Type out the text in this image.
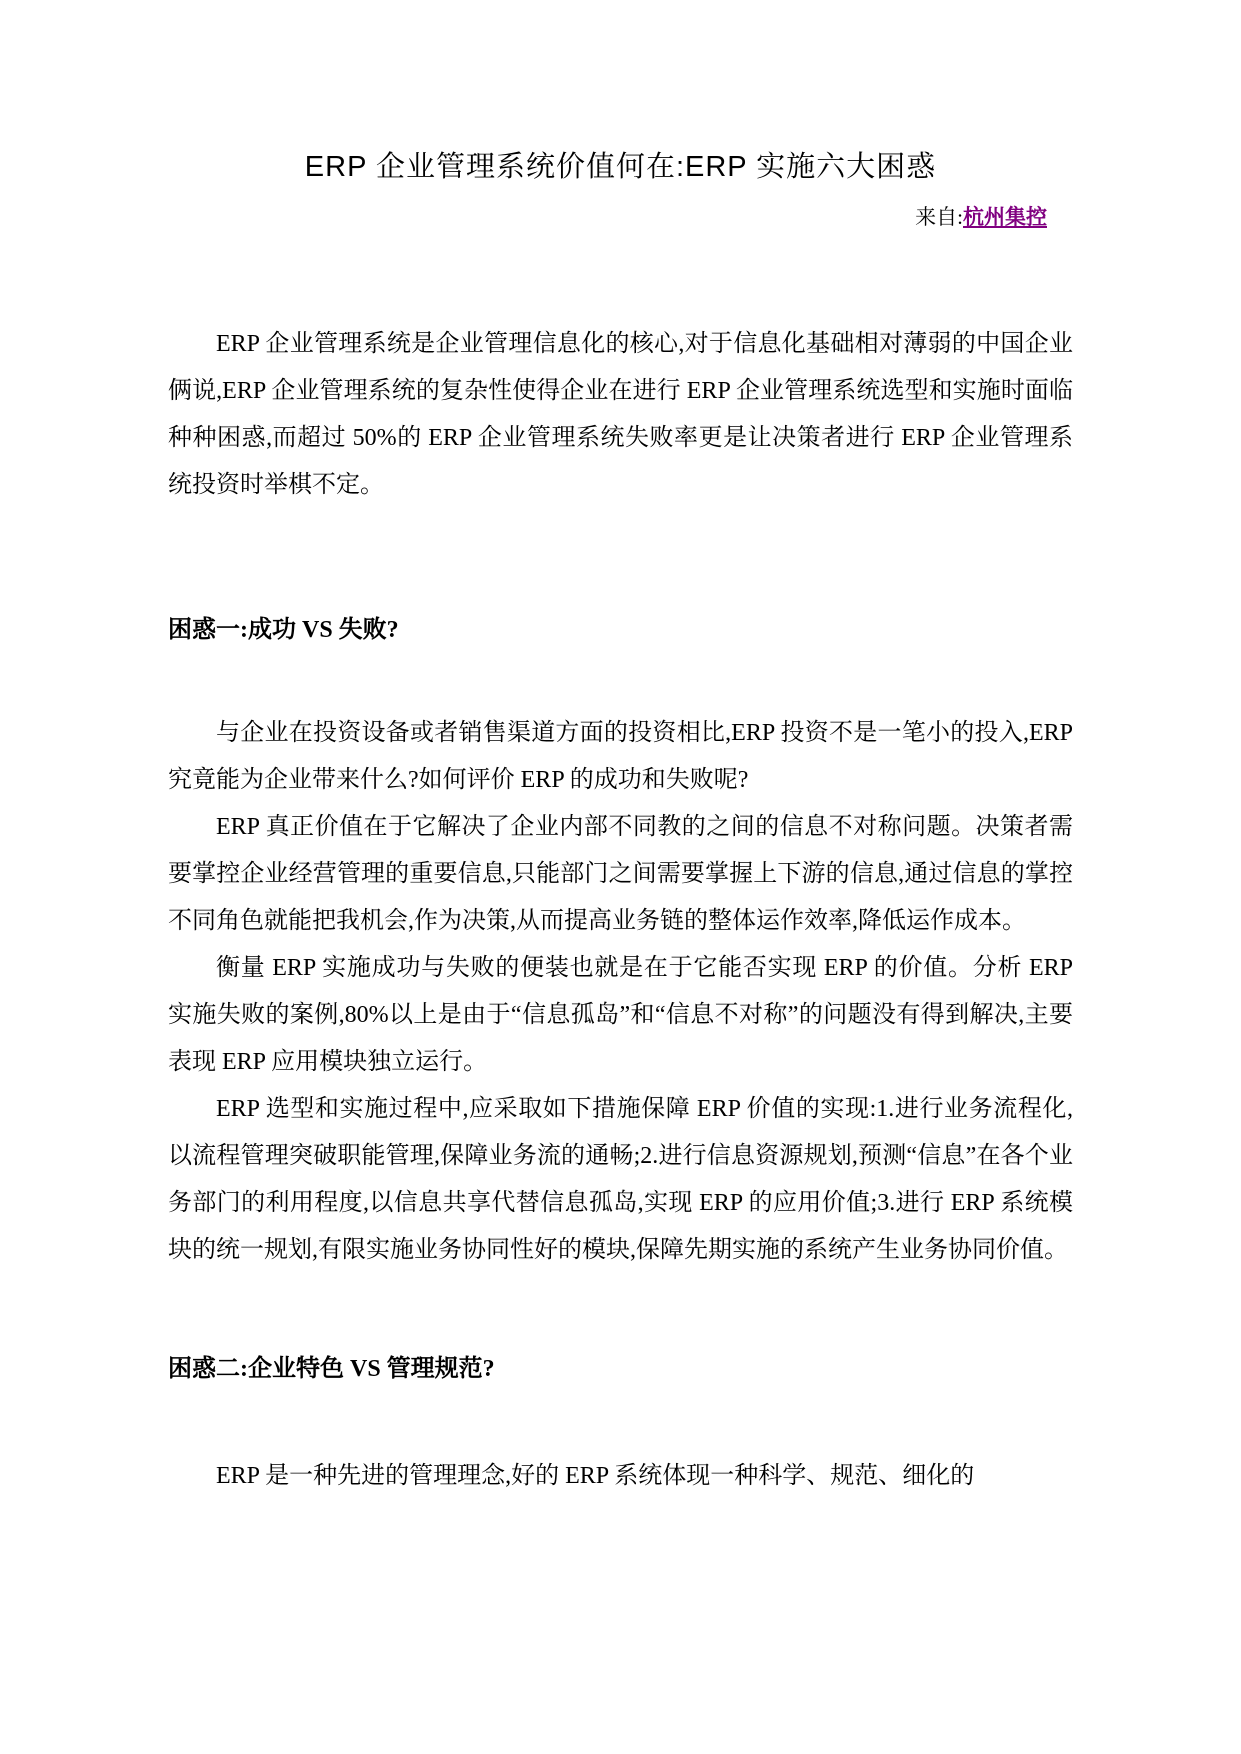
ERP 企业管理系统价值何在:ERP 实施六大困惑
来自:杭州集控

ERP 企业管理系统是企业管理信息化的核心,对于信息化基础相对薄弱的中国企业俩说,ERP 企业管理系统的复杂性使得企业在进行 ERP 企业管理系统选型和实施时面临种种困惑,而超过 50%的 ERP 企业管理系统失败率更是让决策者进行 ERP 企业管理系统投资时举棋不定。

困惑一:成功 VS 失败?

与企业在投资设备或者销售渠道方面的投资相比,ERP 投资不是一笔小的投入,ERP 究竟能为企业带来什么?如何评价 ERP 的成功和失败呢?

ERP 真正价值在于它解决了企业内部不同教的之间的信息不对称问题。决策者需要掌控企业经营管理的重要信息,只能部门之间需要掌握上下游的信息,通过信息的掌控不同角色就能把我机会,作为决策,从而提高业务链的整体运作效率,降低运作成本。

衡量 ERP 实施成功与失败的便装也就是在于它能否实现 ERP 的价值。分析 ERP 实施失败的案例,80%以上是由于“信息孤岛”和“信息不对称”的问题没有得到解决,主要表现 ERP 应用模块独立运行。

ERP 选型和实施过程中,应采取如下措施保障 ERP 价值的实现:1.进行业务流程化,以流程管理突破职能管理,保障业务流的通畅;2.进行信息资源规划,预测“信息”在各个业务部门的利用程度,以信息共享代替信息孤岛,实现 ERP 的应用价值;3.进行 ERP 系统模块的统一规划,有限实施业务协同性好的模块,保障先期实施的系统产生业务协同价值。

困惑二:企业特色 VS 管理规范?

ERP 是一种先进的管理理念,好的 ERP 系统体现一种科学、规范、细化的
